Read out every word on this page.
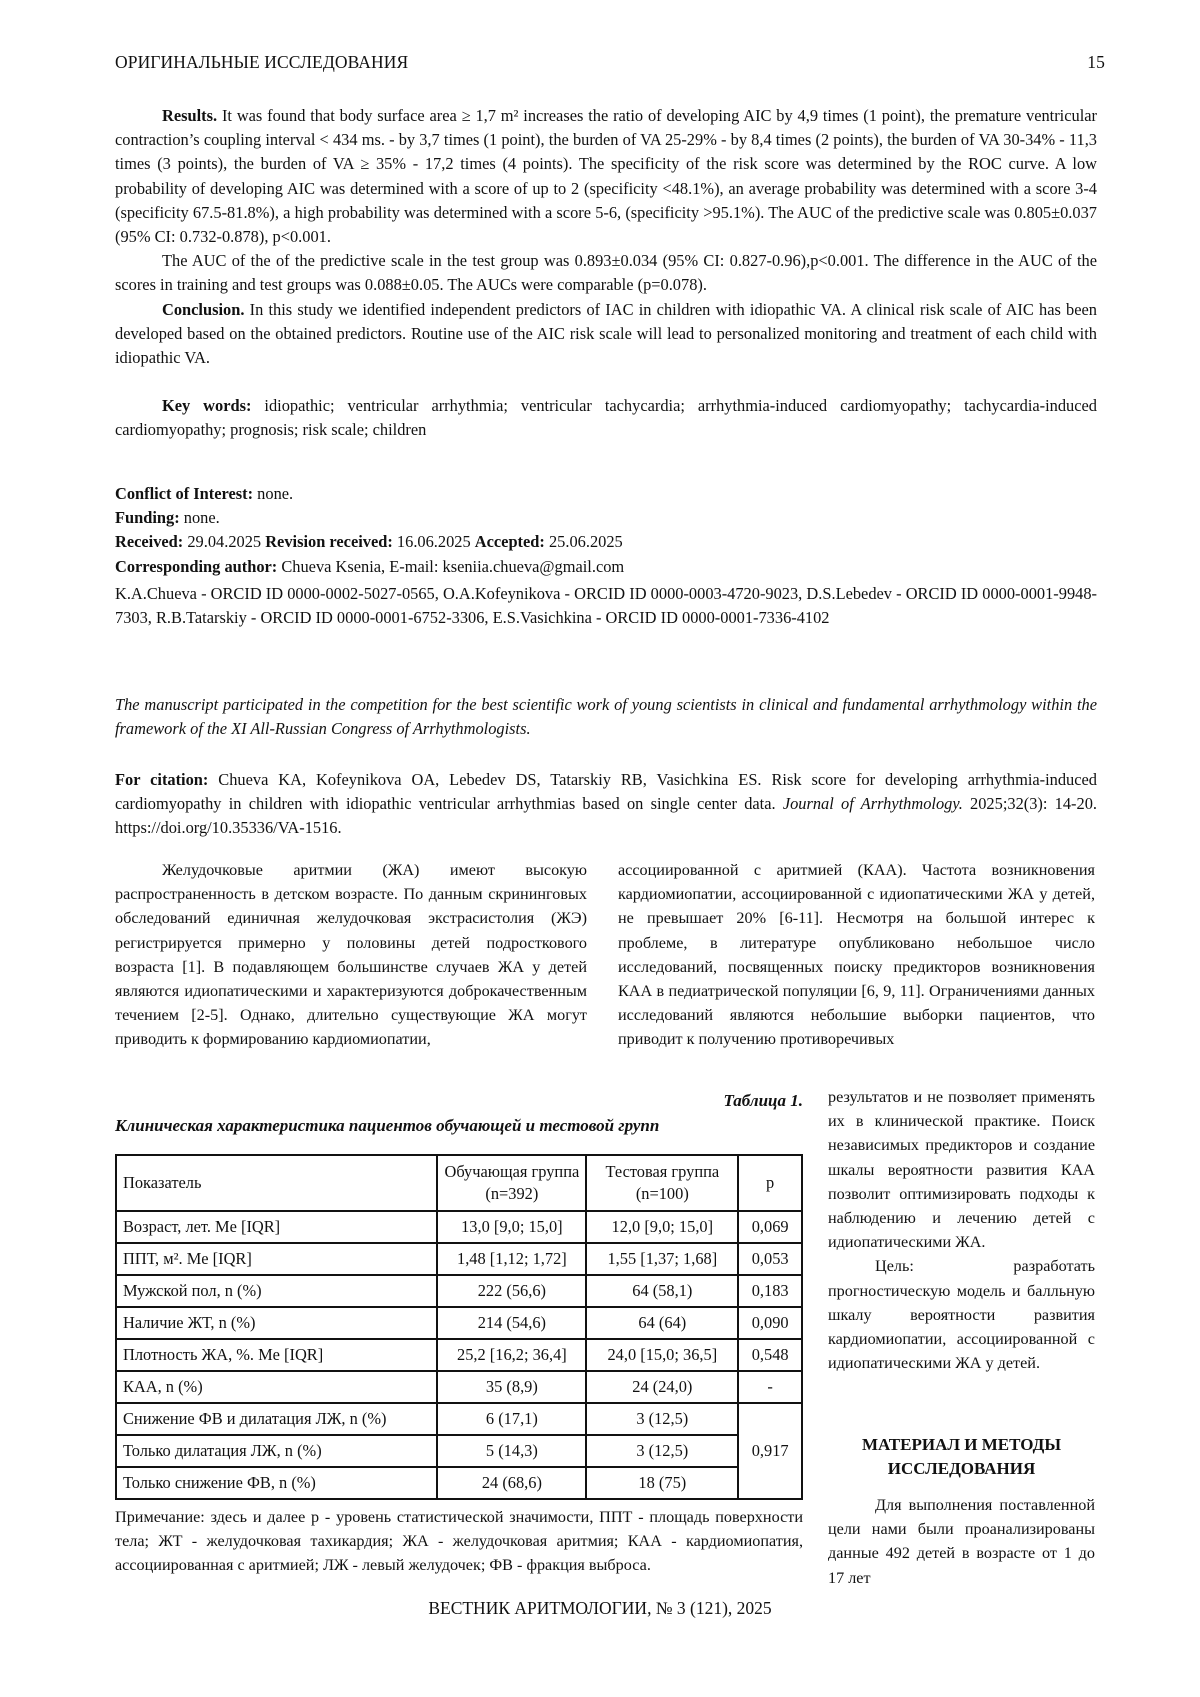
ОРИГИНАЛЬНЫЕ ИССЛЕДОВАНИЯ	15

Results. It was found that body surface area ≥ 1,7 m² increases the ratio of developing AIC by 4,9 times (1 point), the premature ventricular contraction’s coupling interval < 434 ms. - by 3,7 times (1 point), the burden of VA 25-29% - by 8,4 times (2 points), the burden of VA 30-34% - 11,3 times (3 points), the burden of VA ≥ 35% - 17,2 times (4 points). The specificity of the risk score was determined by the ROC curve. A low probability of developing AIC was determined with a score of up to 2 (specificity <48.1%), an average probability was determined with a score 3-4 (specificity 67.5-81.8%), a high probability was determined with a score 5-6, (specificity >95.1%). The AUC of the predictive scale was 0.805±0.037 (95% CI: 0.732-0.878), p<0.001.

The AUC of the of the predictive scale in the test group was 0.893±0.034 (95% CI: 0.827-0.96),p<0.001. The difference in the AUC of the scores in training and test groups was 0.088±0.05. The AUCs were comparable (p=0.078).

Conclusion. In this study we identified independent predictors of IAC in children with idiopathic VA. A clinical risk scale of AIC has been developed based on the obtained predictors. Routine use of the AIC risk scale will lead to personalized monitoring and treatment of each child with idiopathic VA.

Key words: idiopathic; ventricular arrhythmia; ventricular tachycardia; arrhythmia-induced cardiomyopathy; tachycardia-induced cardiomyopathy; prognosis; risk scale; children

Conflict of Interest: none.
Funding: none.
Received: 29.04.2025 Revision received: 16.06.2025 Accepted: 25.06.2025
Corresponding author: Chueva Ksenia, E-mail: kseniia.chueva@gmail.com
K.A.Chueva - ORCID ID 0000-0002-5027-0565, O.A.Kofeynikova - ORCID ID 0000-0003-4720-9023, D.S.Lebedev - ORCID ID 0000-0001-9948-7303, R.B.Tatarskiy - ORCID ID 0000-0001-6752-3306, E.S.Vasichkina - ORCID ID 0000-0001-7336-4102
The manuscript participated in the competition for the best scientific work of young scientists in clinical and fundamental arrhythmology within the framework of the XI All-Russian Congress of Arrhythmologists.
For citation: Chueva KA, Kofeynikova OA, Lebedev DS, Tatarskiy RB, Vasichkina ES. Risk score for developing arrhythmia-induced cardiomyopathy in children with idiopathic ventricular arrhythmias based on single center data. Journal of Arrhythmology. 2025;32(3): 14-20. https://doi.org/10.35336/VA-1516.

Желудочковые аритмии (ЖА) имеют высокую распространенность в детском возрасте. По данным скрининговых обследований единичная желудочковая экстрасистолия (ЖЭ) регистрируется примерно у половины детей подросткового возраста [1]. В подавляющем большинстве случаев ЖА у детей являются идиопатическими и характеризуются доброкачественным течением [2-5]. Однако, длительно существующие ЖА могут приводить к формированию кардиомиопатии,

ассоциированной с аритмией (КАА). Частота возникновения кардиомиопатии, ассоциированной с идиопатическими ЖА у детей, не превышает 20% [6-11]. Несмотря на большой интерес к проблеме, в литературе опубликовано небольшое число исследований, посвященных поиску предикторов возникновения КАА в педиатрической популяции [6, 9, 11]. Ограничениями данных исследований являются небольшие выборки пациентов, что приводит к получению противоречивых

Таблица 1.
Клиническая характеристика пациентов обучающей и тестовой групп
Показатель	Обучающая группа (n=392)	Тестовая группа (n=100)	p
Возраст, лет. Me [IQR]	13,0 [9,0; 15,0]	12,0 [9,0; 15,0]	0,069
ППТ, м². Me [IQR]	1,48 [1,12; 1,72]	1,55 [1,37; 1,68]	0,053
Мужской пол, n (%)	222 (56,6)	64 (58,1)	0,183
Наличие ЖТ, n (%)	214 (54,6)	64 (64)	0,090
Плотность ЖА, %. Me [IQR]	25,2 [16,2; 36,4]	24,0 [15,0; 36,5]	0,548
КАА, n (%)	35 (8,9)	24 (24,0)	-
Снижение ФВ и дилатация ЛЖ, n (%)	6 (17,1)	3 (12,5)	0,917
Только дилатация ЛЖ, n (%)	5 (14,3)	3 (12,5)	
Только снижение ФВ, n (%)	24 (68,6)	18 (75)	
Примечание: здесь и далее p - уровень статистической значимости, ППТ - площадь поверхности тела; ЖТ - желудочковая тахикардия; ЖА - желудочковая аритмия; КАА - кардиомиопатия, ассоциированная с аритмией; ЛЖ - левый желудочек; ФВ - фракция выброса.

результатов и не позволяет применять их в клинической практике. Поиск независимых предикторов и создание шкалы вероятности развития КАА позволит оптимизировать подходы к наблюдению и лечению детей с идиопатическими ЖА.

Цель: разработать прогностическую модель и балльную шкалу вероятности развития кардиомиопатии, ассоциированной с идиопатическими ЖА у детей.

МАТЕРИАЛ И МЕТОДЫ ИССЛЕДОВАНИЯ

Для выполнения поставленной цели нами были проанализированы данные 492 детей в возрасте от 1 до 17 лет

ВЕСТНИК АРИТМОЛОГИИ, № 3 (121), 2025
